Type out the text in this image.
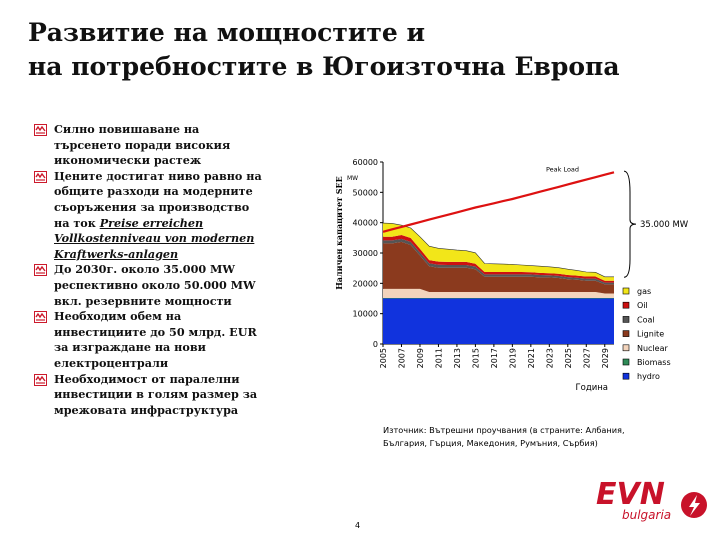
Развитие на мощностите и
на потребностите в Югоизточна Европа
Силно повишаване на търсенето поради високия икономически растеж
Цените достигат ниво равно на общите разходи на модерните съоръжения за производство на ток Preise erreichen Vollkostenniveau von modernen Kraftwerks-anlagen
До 2030г. около 35.000 MW респективно около 50.000 MW вкл. резервните мощности
Необходим обем на инвестициите до 50 млрд. EUR за изграждане на нови електроцентрали
Необходимост от паралелни инвестиции в голям размер за мрежовата инфраструктура
0
10000
20000
30000
40000
50000
60000
Peak Load
2005 2007 2009 2011 2013 2015 2017 2019 2021 2023 2025 2027 2029
Наличен капацитет SEE MW
Година
35.000 MW
gas
Oil
Coal
Lignite
Nuclear
Biomass
hydro
Източник: Вътрешни проучвания (в страните: Албания,
България, Гърция, Македония, Румъния, Сърбия)
4
EVN
bulgaria
